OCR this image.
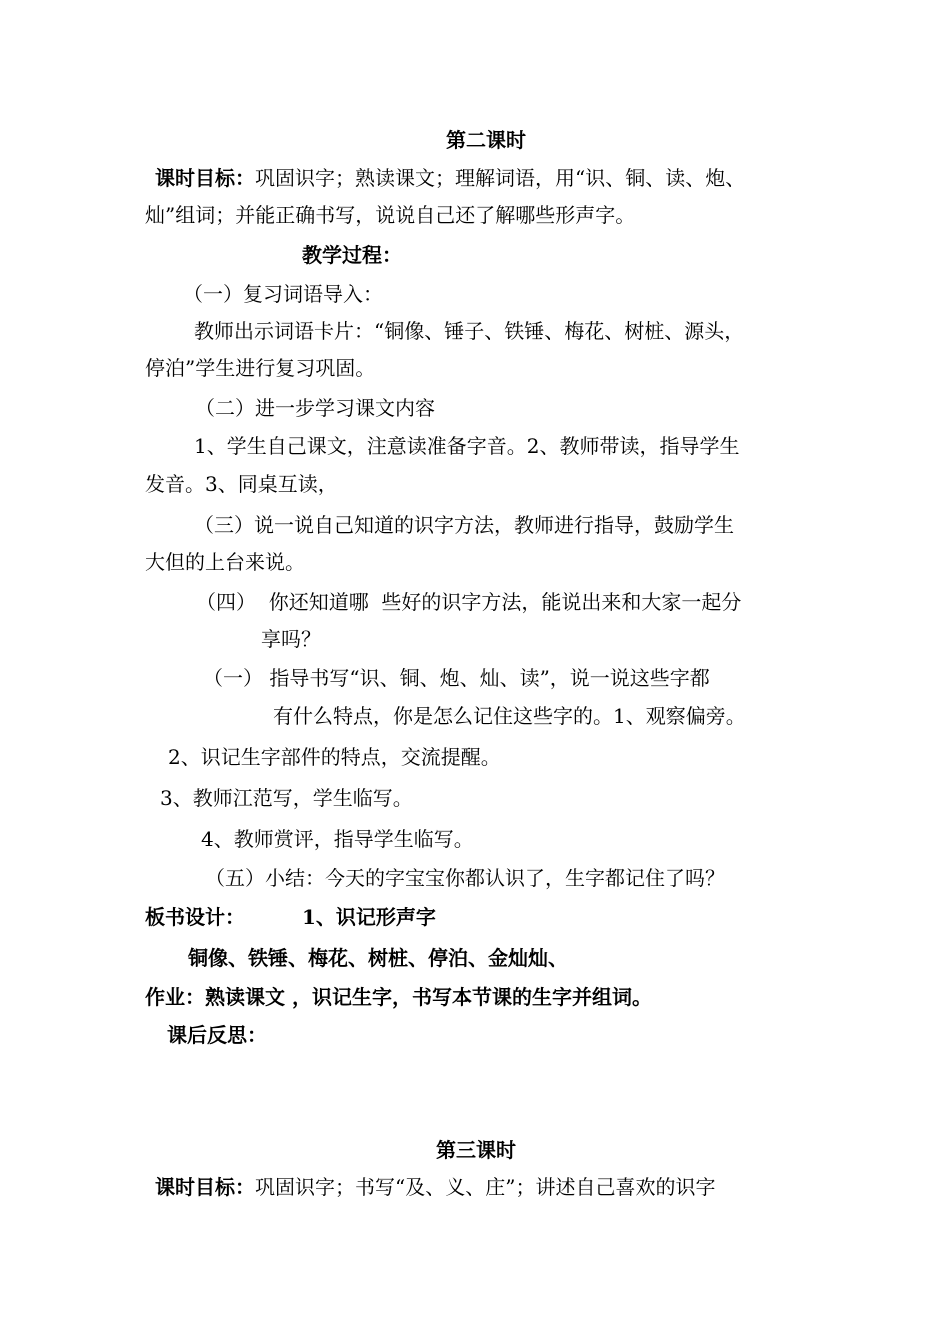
第二课时
课时目标：巩固识字；熟读课文；理解词语，用“识、铜、读、炮、
灿”组词；并能正确书写，说说自己还了解哪些形声字。
教学过程：
（一）复习词语导入：
教师出示词语卡片：“铜像、锤子、铁锤、梅花、树桩、源头，
停泊”学生进行复习巩固。
（二）进一步学习课文内容
1、学生自己课文，注意读准备字音。2、教师带读，指导学生
发音。3、同桌互读，
（三）说一说自己知道的识字方法，教师进行指导，鼓励学生
大但的上台来说。
（四）  你还知道哪  些好的识字方法，能说出来和大家一起分
享吗？
（一） 指导书写“识、铜、炮、灿、读”，说一说这些字都
有什么特点，你是怎么记住这些字的。1、观察偏旁。
2、识记生字部件的特点，交流提醒。
3、教师江范写，学生临写。
4、教师赏评，指导学生临写。
（五）小结：今天的字宝宝你都认识了，生字都记住了吗？
板书设计：	1、识记形声字
铜像、铁锤、梅花、树桩、停泊、金灿灿、
作业：熟读课文 ，识记生字，书写本节课的生字并组词。
课后反思：
第三课时
课时目标：巩固识字；书写“及、义、庄”；讲述自己喜欢的识字
